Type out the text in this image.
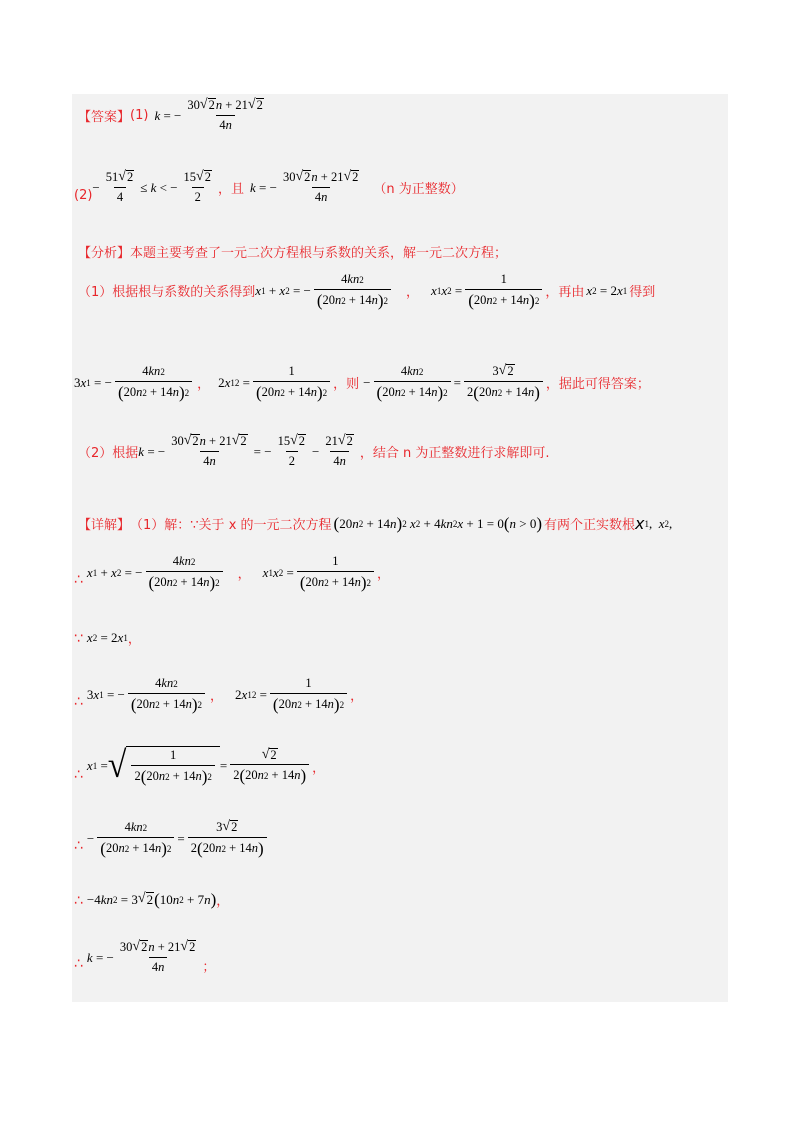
【答案】 (1) k = − $\frac{30 √ 2 n + 21 √ 2}{4 n}$
(2)
− $\frac{51 √ 2}{4} \le k$ < − $\frac{15 √ 2}{2}$ ，且 k = − $\frac{30 √ 2 n + 21 √ 2}{4 n} (n$ 为正整数）
【分析】 本题主要考查了一元二次方程根与系数的关系，解一元二次方程；
（1）根据根与系数的关系得到 x 1 + x 2 = − $\frac{4 kn 2}{( 20 n 2 + 14 n ) 2}$ ， x 1 x $2 = \frac{1}{( 20 n 2 + 14 n ) 2}$ ，再由 x 2 = 2 x 1 得到
3 x 1 = − $\frac{4 kn 2}{( 20 n 2 + 14 n ) 2}$ ， 2 x 1 $2 = \frac{1}{( 20 n 2 + 14 n ) 2}$ ，则 − $\frac{4 kn 2}{( 20 n 2 + 14 n ) 2} = \frac{3 √ 2}{2 ( 20 n 2 + 14 n )}$ ，据此可得答案；
（2）根据 k = − $\frac{30 √ 2 n + 21 √ 2}{4 n}$ = − $\frac{15 √ 2}{2} - \frac{21 √ 2}{4 n}$ ，结合 n 为正整数进行求解即可.
【详解】 （1）解：∵关于 x 的一元二次方程 ( 20 n 2 + 14 n ) 2
x 2 + 4 kn 2 x + 1 = 0 ( n > 0 ) 有两个正实数根 x 1 , x 2 ,
∴ x 1 + x 2 = − $\frac{4 kn 2}{( 20 n 2 + 14 n ) 2}$ ， x 1 x $2 = \frac{1}{( 20 n 2 + 14 n ) 2}$ ，
∵ x 2 = 2 x 1 ，
∴ 3 x 1 = − $\frac{4 kn 2}{( 20 n 2 + 14 n ) 2}$ ， 2 x 1 $2 = \frac{1}{( 20 n 2 + 14 n ) 2}$ ，
∴
x 1 = √ $\frac{1}{2 ( 20 n 2 + 14 n ) 2} = \frac{√ 2}{2 ( 20 n 2 + 14 n )}$ ，
∴ − $\frac{4 kn 2}{( 20 n 2 + 14 n ) 2} = \frac{3 √ 2}{2 ( 20 n 2 + 14 n )}$
∴ −4 kn 2 = 3 √ 2 ( 10 n 2 + 7 n ) ，
∴ k = − $\frac{30 √ 2 n + 21 √ 2}{4 n}$ ；
